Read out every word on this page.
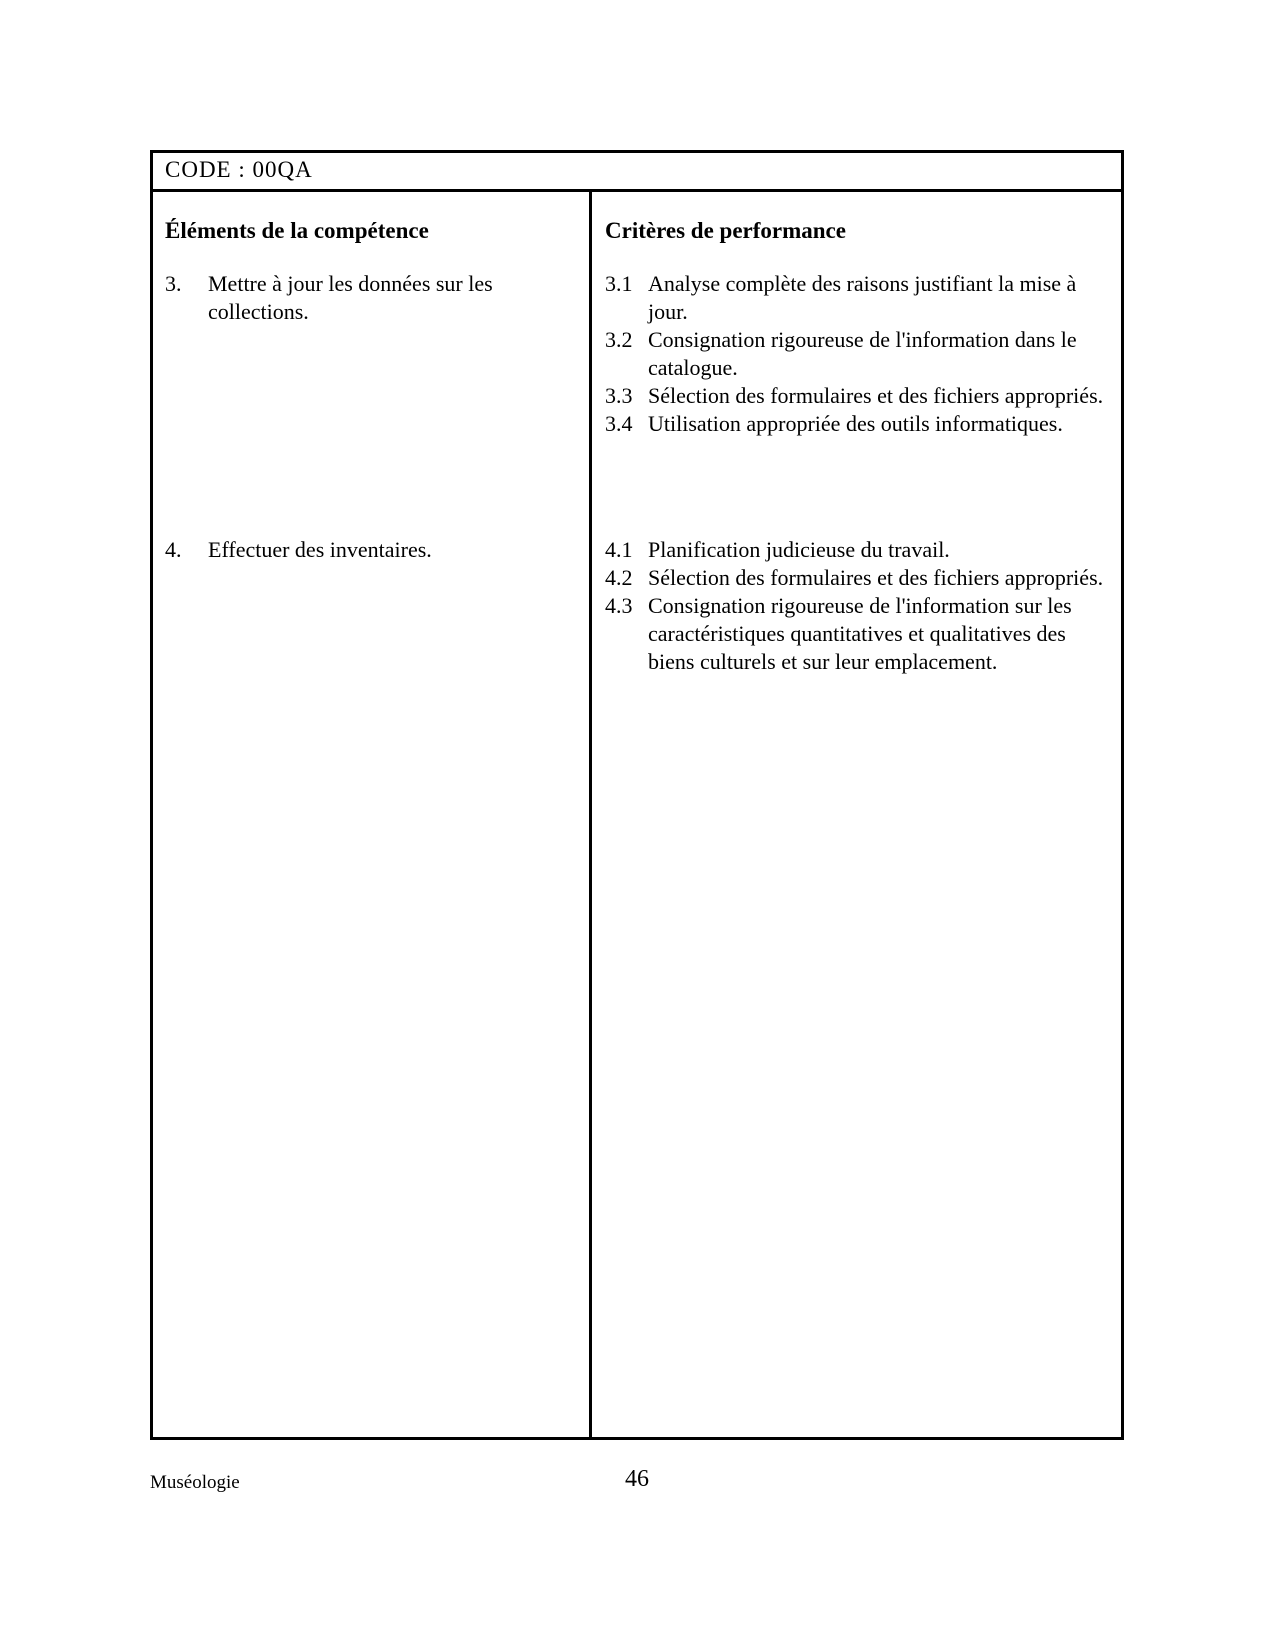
CODE : 00QA
Éléments de la compétence	Critères de performance
3. Mettre à jour les données sur les collections.
4. Effectuer des inventaires.
3.1 Analyse complète des raisons justifiant la mise à jour.
3.2 Consignation rigoureuse de l'information dans le catalogue.
3.3 Sélection des formulaires et des fichiers appropriés.
3.4 Utilisation appropriée des outils informatiques.
4.1 Planification judicieuse du travail.
4.2 Sélection des formulaires et des fichiers appropriés.
4.3 Consignation rigoureuse de l'information sur les caractéristiques quantitatives et qualitatives des biens culturels et sur leur emplacement.
Muséologie	46
